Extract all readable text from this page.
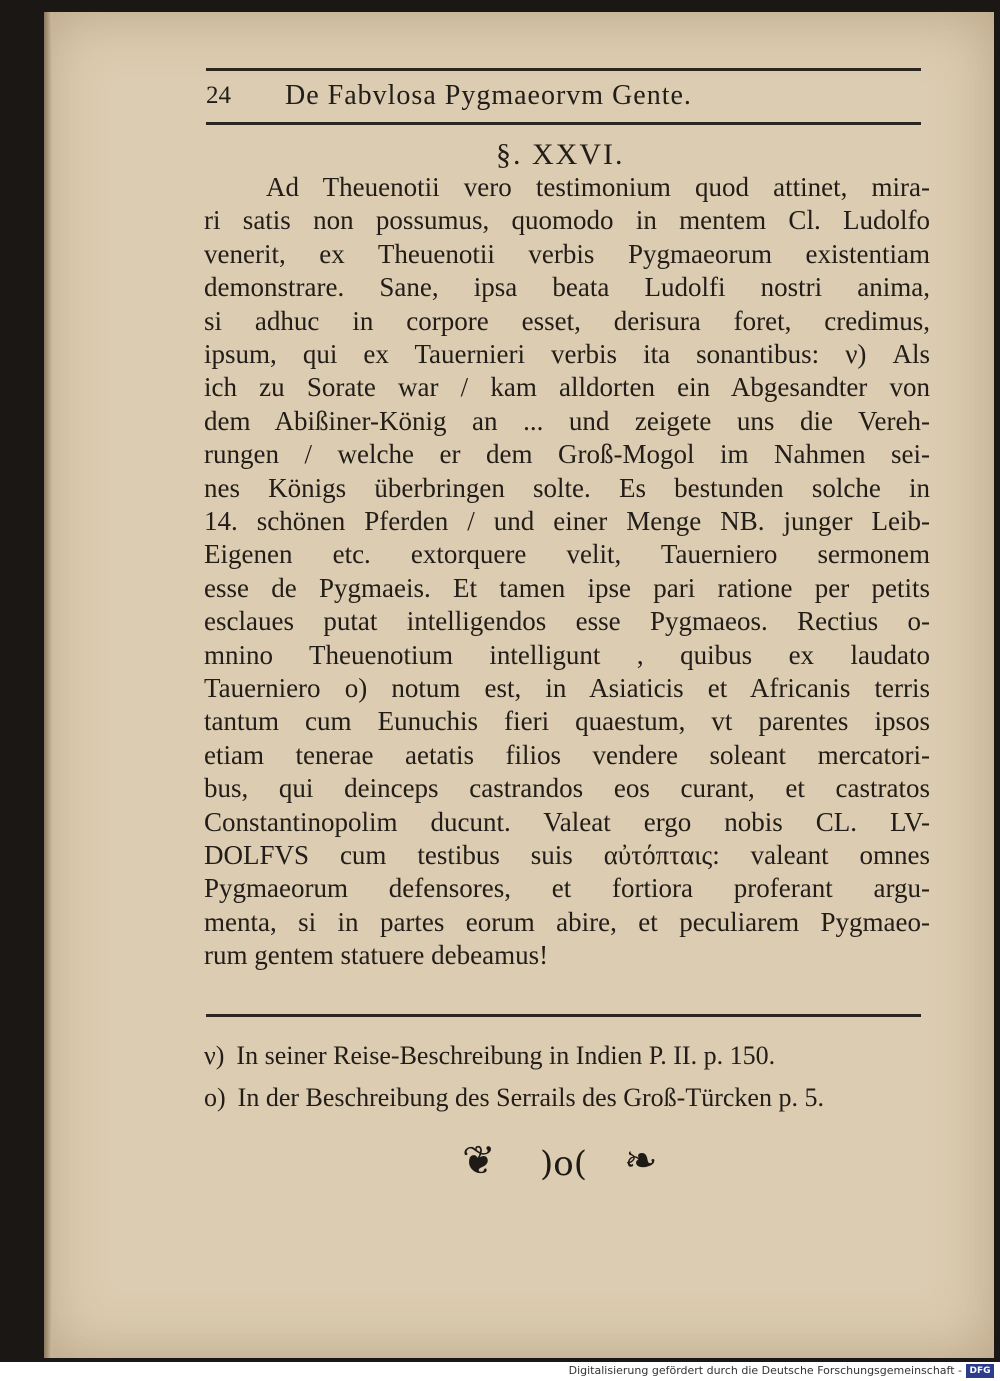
24 De Fabvlosa Pygmaeorvm Gente.
§. XXVI.
Ad Theuenotii vero testimonium quod attinet, mira-
ri satis non possumus, quomodo in mentem Cl. Ludolfo
venerit, ex Theuenotii verbis Pygmaeorum existentiam
demonstrare. Sane, ipsa beata Ludolfi nostri anima,
si adhuc in corpore esset, derisura foret, credimus,
ipsum, qui ex Tauernieri verbis ita sonantibus: ν) Als
ich zu Sorate war / kam alldorten ein Abgesandter von
dem Abißiner-König an ... und zeigete uns die Vereh-
rungen / welche er dem Groß-Mogol im Nahmen sei-
nes Königs überbringen solte. Es bestunden solche in
14. schönen Pferden / und einer Menge NB. junger Leib-
Eigenen etc. extorquere velit, Tauerniero sermonem
esse de Pygmaeis. Et tamen ipse pari ratione per petits
esclaues putat intelligendos esse Pygmaeos. Rectius o-
mnino Theuenotium intelligunt , quibus ex laudato
Tauerniero o) notum est, in Asiaticis et Africanis terris
tantum cum Eunuchis fieri quaestum, vt parentes ipsos
etiam tenerae aetatis filios vendere soleant mercatori-
bus, qui deinceps castrandos eos curant, et castratos
Constantinopolim ducunt. Valeat ergo nobis CL. LV-
DOLFVS cum testibus suis αὐτόπταις: valeant omnes
Pygmaeorum defensores, et fortiora proferant argu-
menta, si in partes eorum abire, et peculiarem Pygmaeo-
rum gentem statuere debeamus!
ν) In seiner Reise-Beschreibung in Indien P. II. p. 150.
o) In der Beschreibung des Serrails des Groß-Türcken p. 5.
❦ )o( ❧
Digitalisierung gefördert durch die Deutsche Forschungsgemeinschaft - DFG
